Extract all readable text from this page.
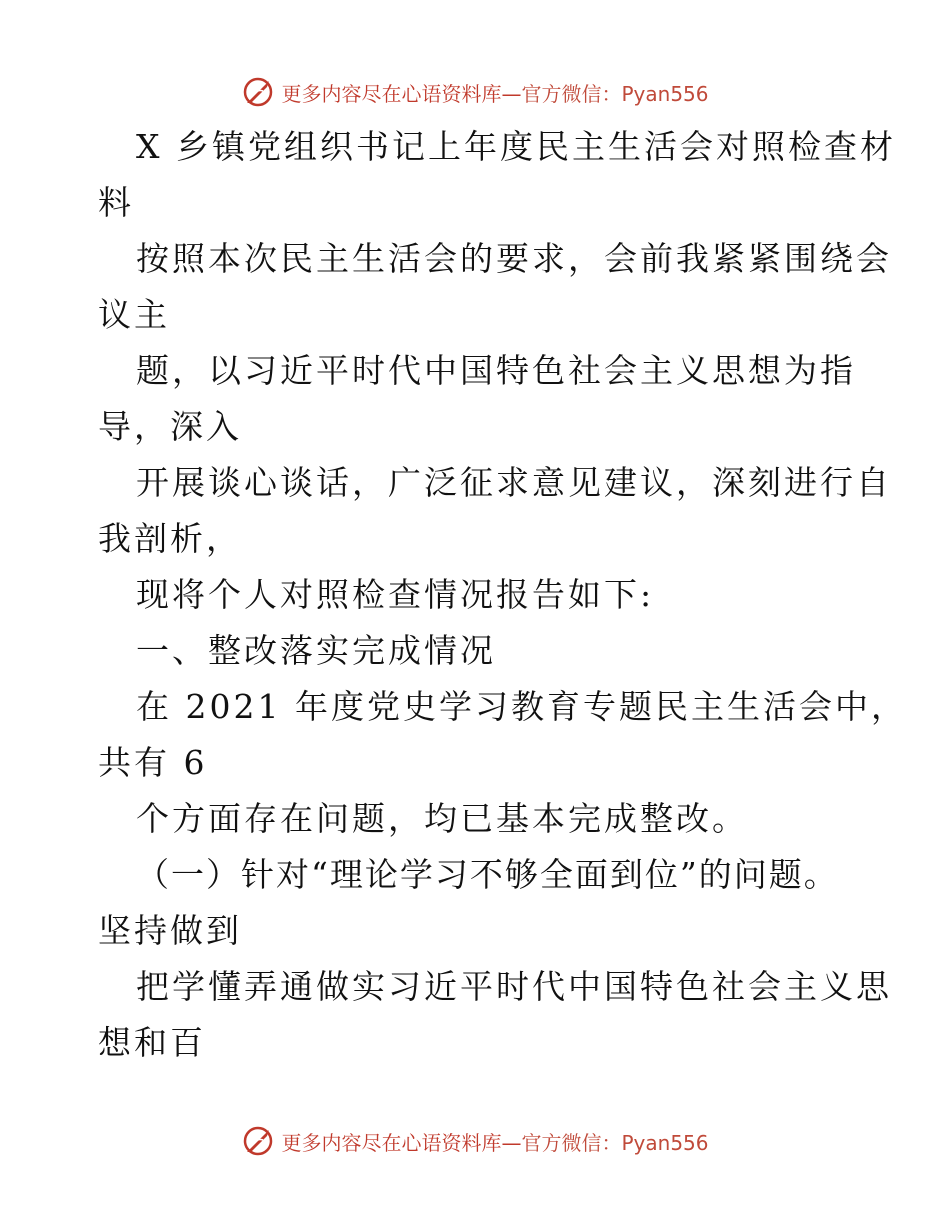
更多内容尽在心语资料库—官方微信：Pyan556
X 乡镇党组织书记上年度民主生活会对照检查材
料
按照本次民主生活会的要求，会前我紧紧围绕会
议主
题，以习近平时代中国特色社会主义思想为指
导，深入
开展谈心谈话，广泛征求意见建议，深刻进行自
我剖析，
现将个人对照检查情况报告如下:
一、整改落实完成情况
在 2021 年度党史学习教育专题民主生活会中，
共有 6
个方面存在问题，均已基本完成整改。
（一）针对“理论学习不够全面到位”的问题。
坚持做到
把学懂弄通做实习近平时代中国特色社会主义思
想和百
更多内容尽在心语资料库—官方微信：Pyan556
